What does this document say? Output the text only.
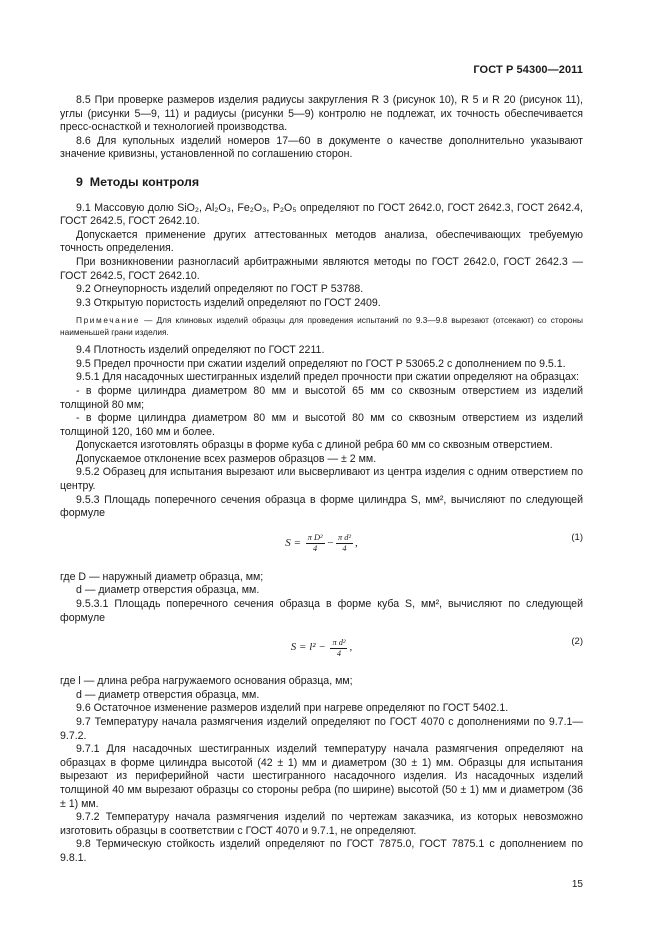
ГОСТ Р 54300—2011

8.5 При проверке размеров изделия радиусы закругления R 3 (рисунок 10), R 5 и R 20 (рисунок 11), углы (рисунки 5—9, 11) и радиусы (рисунки 5—9) контролю не подлежат, их точность обеспечивается пресс-оснасткой и технологией производства.

8.6 Для купольных изделий номеров 17—60 в документе о качестве дополнительно указывают значение кривизны, установленной по соглашению сторон.

9 Методы контроля

9.1 Массовую долю SiO₂, Al₂O₃, Fe₂O₃, P₂O₅ определяют по ГОСТ 2642.0, ГОСТ 2642.3, ГОСТ 2642.4, ГОСТ 2642.5, ГОСТ 2642.10.

Допускается применение других аттестованных методов анализа, обеспечивающих требуемую точность определения.

При возникновении разногласий арбитражными являются методы по ГОСТ 2642.0, ГОСТ 2642.3 — ГОСТ 2642.5, ГОСТ 2642.10.

9.2 Огнеупорность изделий определяют по ГОСТ Р 53788.

9.3 Открытую пористость изделий определяют по ГОСТ 2409.

Примечание — Для клиновых изделий образцы для проведения испытаний по 9.3—9.8 вырезают (отсекают) со стороны наименьшей грани изделия.

9.4 Плотность изделий определяют по ГОСТ 2211.

9.5 Предел прочности при сжатии изделий определяют по ГОСТ Р 53065.2 с дополнением по 9.5.1.

9.5.1 Для насадочных шестигранных изделий предел прочности при сжатии определяют на образцах:

- в форме цилиндра диаметром 80 мм и высотой 65 мм со сквозным отверстием из изделий толщиной 80 мм;

- в форме цилиндра диаметром 80 мм и высотой 80 мм со сквозным отверстием из изделий толщиной 120, 160 мм и более.

Допускается изготовлять образцы в форме куба с длиной ребра 60 мм со сквозным отверстием.

Допускаемое отклонение всех размеров образцов — ± 2 мм.

9.5.2 Образец для испытания вырезают или высверливают из центра изделия с одним отверстием по центру.

9.5.3 Площадь поперечного сечения образца в форме цилиндра S, мм², вычисляют по следующей формуле

S =
$\frac{\text{π D²}}{4} - \frac{\text{π d²}}{4}$ ,	(1)

где D — наружный диаметр образца, мм;

d — диаметр отверстия образца, мм.

9.5.3.1 Площадь поперечного сечения образца в форме куба S, мм², вычисляют по следующей формуле

S = l² −
$\frac{\text{π d²}}{4}$ ,	(2)

где l — длина ребра нагружаемого основания образца, мм;

d — диаметр отверстия образца, мм.

9.6 Остаточное изменение размеров изделий при нагреве определяют по ГОСТ 5402.1.

9.7 Температуру начала размягчения изделий определяют по ГОСТ 4070 с дополнениями по 9.7.1—9.7.2.

9.7.1 Для насадочных шестигранных изделий температуру начала размягчения определяют на образцах в форме цилиндра высотой (42 ± 1) мм и диаметром (30 ± 1) мм. Образцы для испытания вырезают из периферийной части шестигранного насадочного изделия. Из насадочных изделий толщиной 40 мм вырезают образцы со стороны ребра (по ширине) высотой (50 ± 1) мм и диаметром (36 ± 1) мм.

9.7.2 Температуру начала размягчения изделий по чертежам заказчика, из которых невозможно изготовить образцы в соответствии с ГОСТ 4070 и 9.7.1, не определяют.

9.8 Термическую стойкость изделий определяют по ГОСТ 7875.0, ГОСТ 7875.1 с дополнением по 9.8.1.

15
